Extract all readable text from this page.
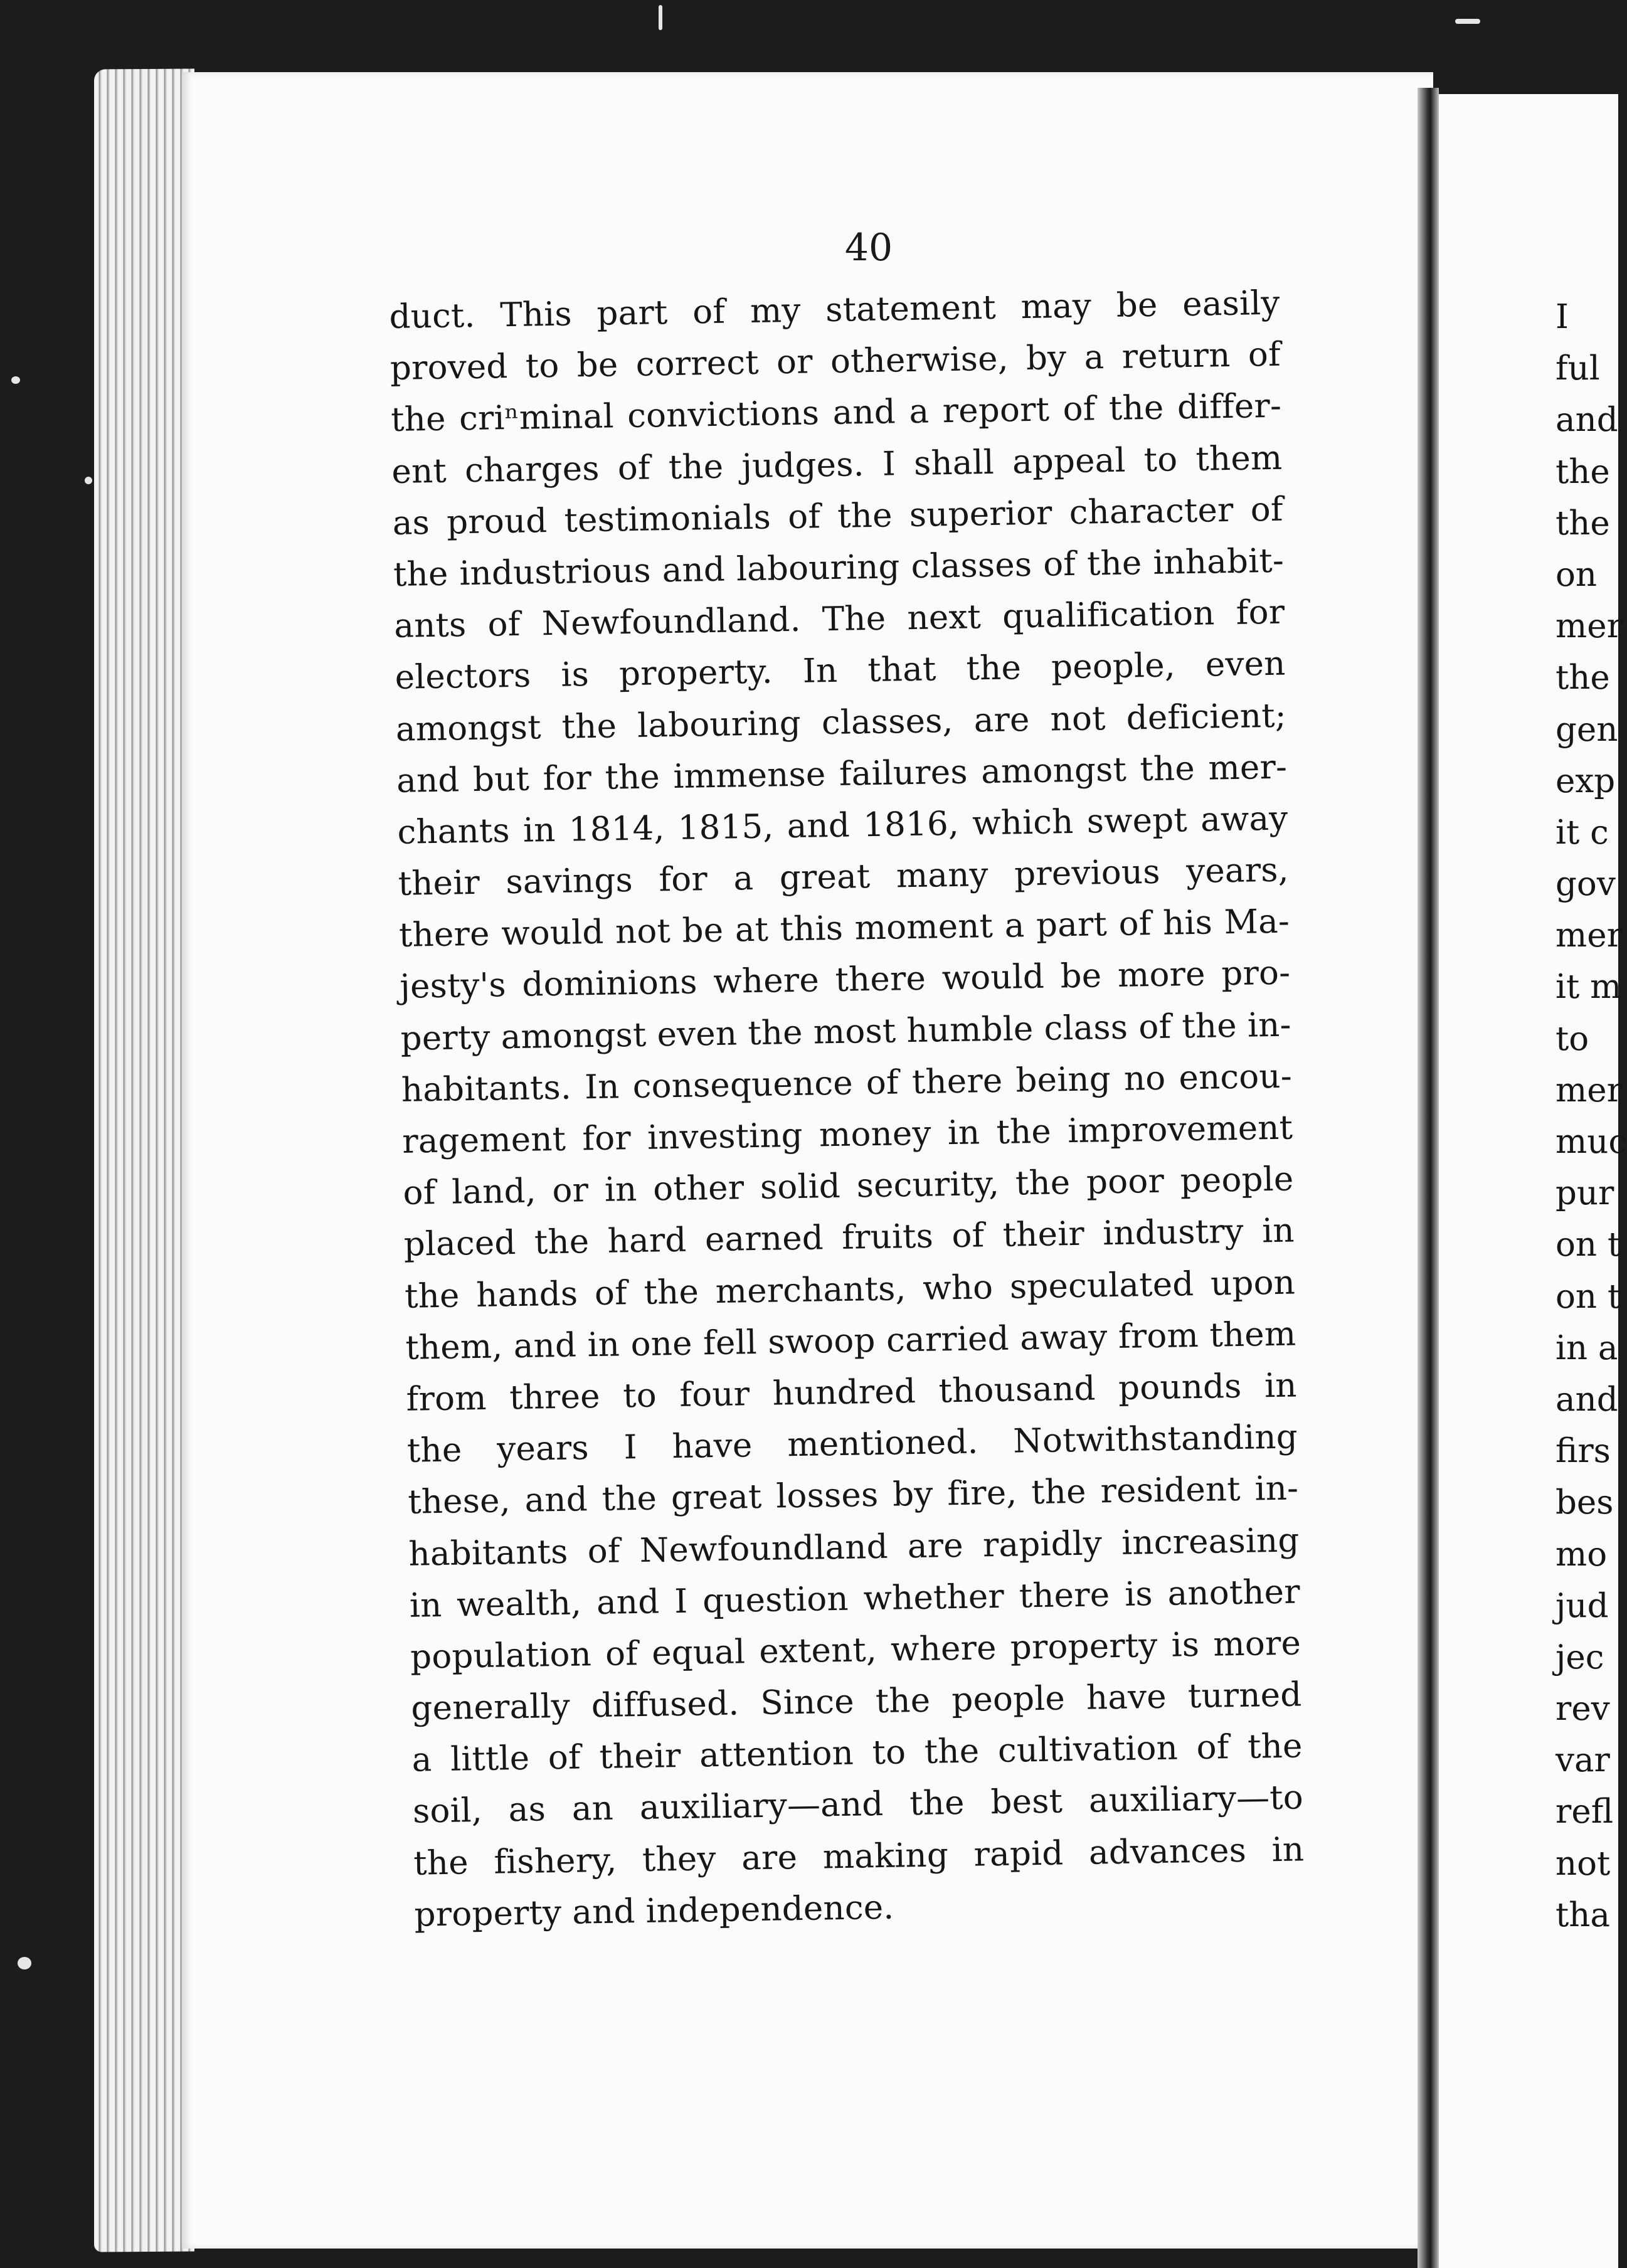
40
duct. This part of my statement may be easily
proved to be correct or otherwise, by a return of
the criⁿminal convictions and a report of the differ-
ent charges of the judges. I shall appeal to them
as proud testimonials of the superior character of
the industrious and labouring classes of the inhabit-
ants of Newfoundland. The next qualification for
electors is property. In that the people, even
amongst the labouring classes, are not deficient;
and but for the immense failures amongst the mer-
chants in 1814, 1815, and 1816, which swept away
their savings for a great many previous years,
there would not be at this moment a part of his Ma-
jesty's dominions where there would be more pro-
perty amongst even the most humble class of the in-
habitants. In consequence of there being no encou-
ragement for investing money in the improvement
of land, or in other solid security, the poor people
placed the hard earned fruits of their industry in
the hands of the merchants, who speculated upon
them, and in one fell swoop carried away from them
from three to four hundred thousand pounds in
the years I have mentioned. Notwithstanding
these, and the great losses by fire, the resident in-
habitants of Newfoundland are rapidly increasing
in wealth, and I question whether there is another
population of equal extent, where property is more
generally diffused. Since the people have turned
a little of their attention to the cultivation of the
soil, as an auxiliary—and the best auxiliary—to
the fishery, they are making rapid advances in
property and independence.
I
ful
and
the
the
on
mer
the
gen
exp
it c
gov
mer
it m
to
mer
muc
pur
on t
on t
in a
and
firs
bes
mo
jud
jec
rev
var
refl
not
tha
